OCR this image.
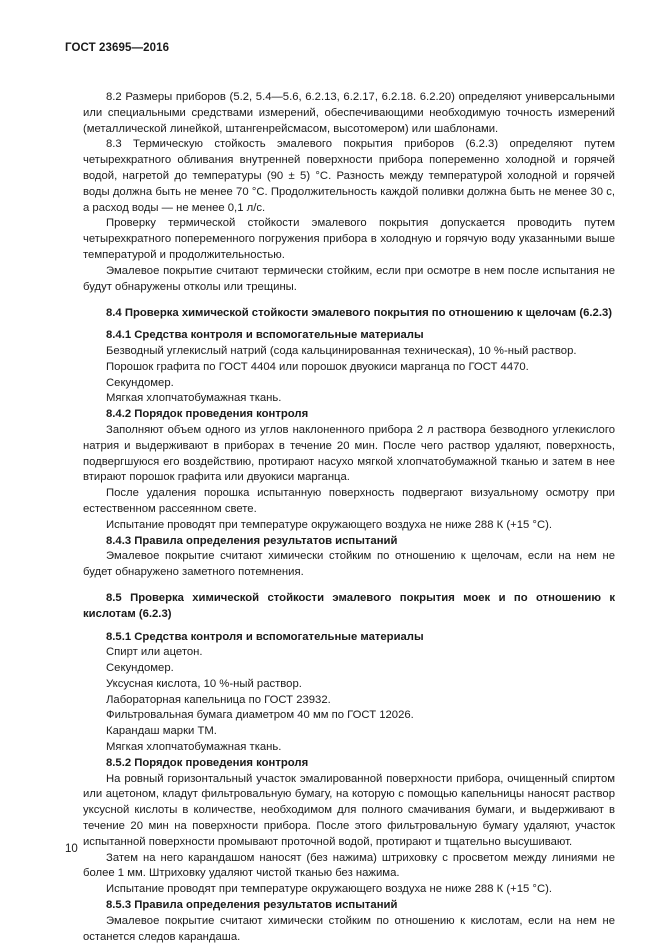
ГОСТ 23695—2016

8.2 Размеры приборов (5.2, 5.4—5.6, 6.2.13, 6.2.17, 6.2.18. 6.2.20) определяют универсальными или специальными средствами измерений, обеспечивающими необходимую точность измерений (металлической линейкой, штангенрейсмасом, высотомером) или шаблонами.

8.3 Термическую стойкость эмалевого покрытия приборов (6.2.3) определяют путем четырехкратного обливания внутренней поверхности прибора попеременно холодной и горячей водой, нагретой до температуры (90 ± 5) °С. Разность между температурой холодной и горячей воды должна быть не менее 70 °С. Продолжительность каждой поливки должна быть не менее 30 с, а расход воды — не менее 0,1 л/с.

Проверку термической стойкости эмалевого покрытия допускается проводить путем четырехкратного попеременного погружения прибора в холодную и горячую воду указанными выше температурой и продолжительностью.

Эмалевое покрытие считают термически стойким, если при осмотре в нем после испытания не будут обнаружены отколы или трещины.

8.4 Проверка химической стойкости эмалевого покрытия по отношению к щелочам (6.2.3)

8.4.1 Средства контроля и вспомогательные материалы

Безводный углекислый натрий (сода кальцинированная техническая), 10 %-ный раствор.

Порошок графита по ГОСТ 4404 или порошок двуокиси марганца по ГОСТ 4470.

Секундомер.

Мягкая хлопчатобумажная ткань.

8.4.2 Порядок проведения контроля

Заполняют объем одного из углов наклоненного прибора 2 л раствора безводного углекислого натрия и выдерживают в приборах в течение 20 мин. После чего раствор удаляют, поверхность, подвергшуюся его воздействию, протирают насухо мягкой хлопчатобумажной тканью и затем в нее втирают порошок графита или двуокиси марганца.

После удаления порошка испытанную поверхность подвергают визуальному осмотру при естественном рассеянном свете.

Испытание проводят при температуре окружающего воздуха не ниже 288 К (+15 °С).

8.4.3 Правила определения результатов испытаний

Эмалевое покрытие считают химически стойким по отношению к щелочам, если на нем не будет обнаружено заметного потемнения.

8.5 Проверка химической стойкости эмалевого покрытия моек и по отношению к кислотам (6.2.3)

8.5.1 Средства контроля и вспомогательные материалы

Спирт или ацетон.

Секундомер.

Уксусная кислота, 10 %-ный раствор.

Лабораторная капельница по ГОСТ 23932.

Фильтровальная бумага диаметром 40 мм по ГОСТ 12026.

Карандаш марки ТМ.

Мягкая хлопчатобумажная ткань.

8.5.2 Порядок проведения контроля

На ровный горизонтальный участок эмалированной поверхности прибора, очищенный спиртом или ацетоном, кладут фильтровальную бумагу, на которую с помощью капельницы наносят раствор уксусной кислоты в количестве, необходимом для полного смачивания бумаги, и выдерживают в течение 20 мин на поверхности прибора. После этого фильтровальную бумагу удаляют, участок испытанной поверхности промывают проточной водой, протирают и тщательно высушивают.

Затем на него карандашом наносят (без нажима) штриховку с просветом между линиями не более 1 мм. Штриховку удаляют чистой тканью без нажима.

Испытание проводят при температуре окружающего воздуха не ниже 288 К (+15 °С).

8.5.3 Правила определения результатов испытаний

Эмалевое покрытие считают химически стойким по отношению к кислотам, если на нем не останется следов карандаша.

10
